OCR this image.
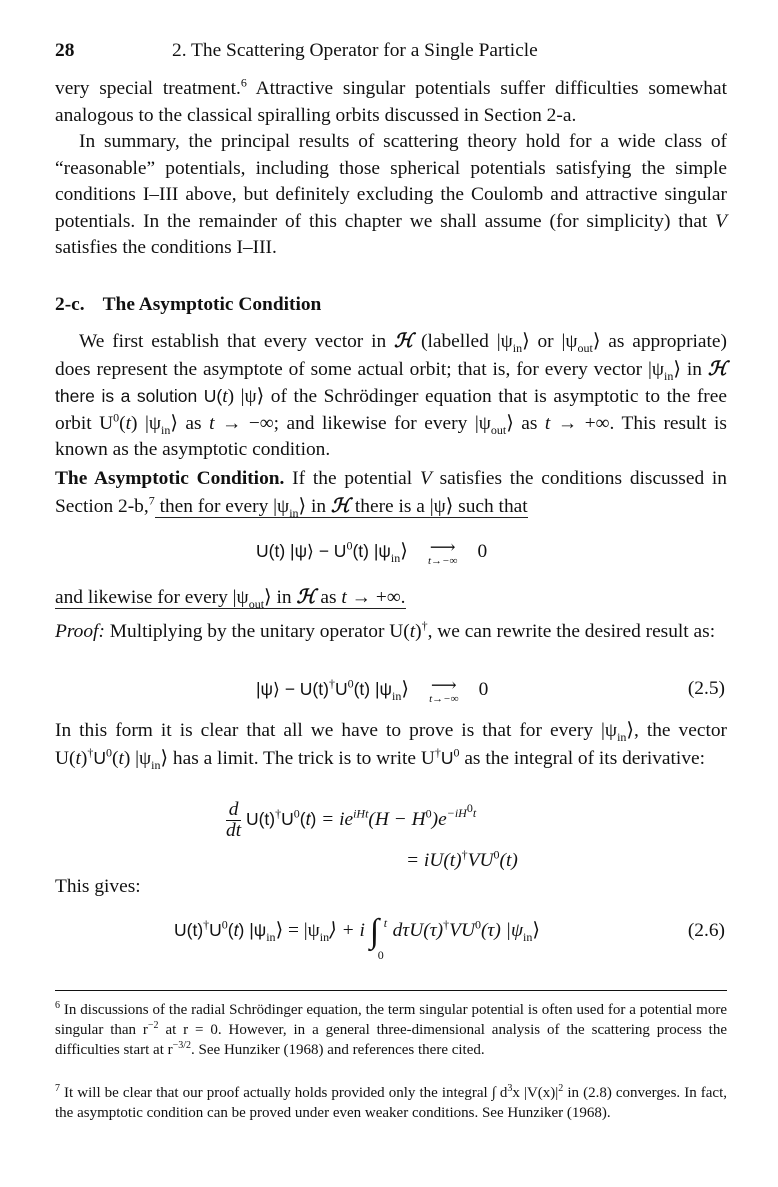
28	2. The Scattering Operator for a Single Particle

very special treatment.$^6$ Attractive singular potentials suffer difficulties somewhat analogous to the classical spiralling orbits discussed in Section 2-a.

In summary, the principal results of scattering theory hold for a wide class of “reasonable” potentials, including those spherical potentials satisfying the simple conditions I–III above, but definitely excluding the Coulomb and attractive singular potentials. In the remainder of this chapter we shall assume (for simplicity) that V satisfies the conditions I–III.

2-c. The Asymptotic Condition

We first establish that every vector in ℋ (labelled $|\psi_{in}⟩$ or $|\psi_{out}⟩$ as appropriate) does represent the asymptote of some actual orbit; that is, for every vector $|\psi_{in}⟩$ in ℋ there is a solution U(t) |ψ⟩ of the Schrödinger equation that is asymptotic to the free orbit $U^0(t)$ $|\psi_{in}⟩$ as t → −∞; and likewise for every $|\psi_{out}⟩$ as t → +∞. This result is known as the asymptotic condition.

The Asymptotic Condition. If the potential V satisfies the conditions discussed in Section 2-b,$^7$ then for every $|\psi_{in}⟩$ in ℋ there is a |ψ⟩ such that

U(t) |ψ⟩ − $U^0(t)$ $|\psi_{in}⟩$	⟶
t→−∞	0

and likewise for every $|\psi_{out}⟩$ in ℋ as t → +∞.

Proof: Multiplying by the unitary operator U(t)†, we can rewrite the desired result as:

|ψ⟩ − $U(t)^\dagger U^0(t)$ $|\psi_{in}⟩$	⟶
t→−∞	0	(2.5)

In this form it is clear that all we have to prove is that for every $|\psi_{in}⟩$, the vector $U(t)^\dagger U^0(t)$ $|\psi_{in}⟩$ has a limit. The trick is to write $U^\dagger U^0$ as the integral of its derivative:

$\frac{d}{dt} U(t)^\dagger U^0(t) = ie^{iHt}(H - H^0)e^{-iH^0t}$
= $iU(t)^\dagger VU^0(t)$

This gives:

$U(t)^\dagger U^0(t)$ $|\psi_{in}⟩$ = $|\psi_{in}⟩ + i$ ∫ t
0
$d\tau U(\tau)^\dagger VU^0(\tau)$ $|\psi_{in}⟩$	(2.6)
$^6$ In discussions of the radial Schrödinger equation, the term singular potential is often used for a potential more singular than $r^{-2}$ at r = 0. However, in a general three-dimensional analysis of the scattering process the difficulties start at $r^{-3/2}$. See Hunziker (1968) and references there cited.
$^7$ It will be clear that our proof actually holds provided only the integral ∫ $d^3x$ $|V(x)|^2$ in (2.8) converges. In fact, the asymptotic condition can be proved under even weaker conditions. See Hunziker (1968).
